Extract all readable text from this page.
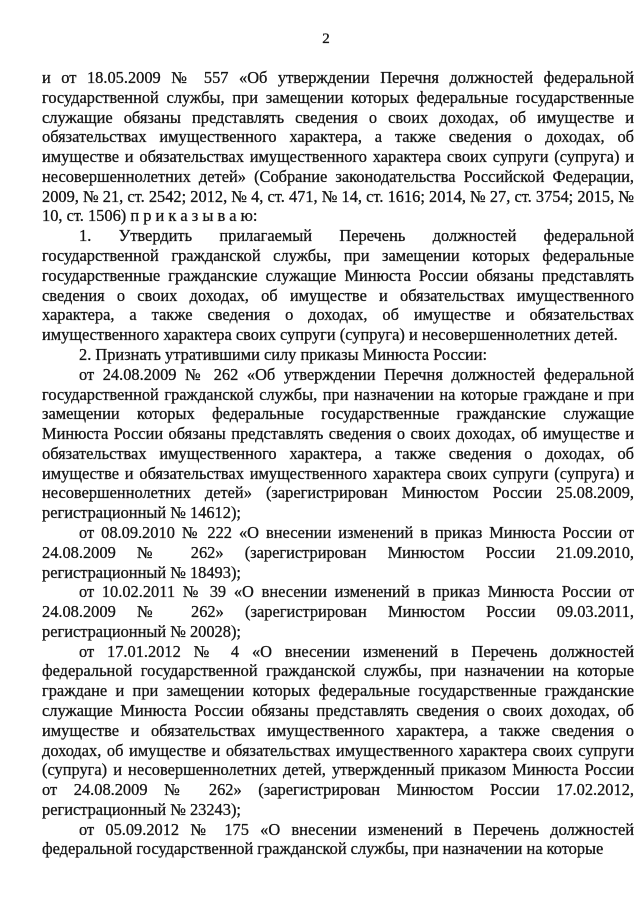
2

и от 18.05.2009 № 557 «Об утверждении Перечня должностей федеральной государственной службы, при замещении которых федеральные государственные служащие обязаны представлять сведения о своих доходах, об имуществе и обязательствах имущественного характера, а также сведения о доходах, об имуществе и обязательствах имущественного характера своих супруги (супруга) и несовершеннолетних детей» (Собрание законодательства Российской Федерации, 2009, № 21, ст. 2542; 2012, № 4, ст. 471, № 14, ст. 1616; 2014, № 27, ст. 3754; 2015, № 10, ст. 1506) п р и к а з ы в а ю:

1. Утвердить прилагаемый Перечень должностей федеральной государственной гражданской службы, при замещении которых федеральные государственные гражданские служащие Минюста России обязаны представлять сведения о своих доходах, об имуществе и обязательствах имущественного характера, а также сведения о доходах, об имуществе и обязательствах имущественного характера своих супруги (супруга) и несовершеннолетних детей.

2. Признать утратившими силу приказы Минюста России:

от 24.08.2009 № 262 «Об утверждении Перечня должностей федеральной государственной гражданской службы, при назначении на которые граждане и при замещении которых федеральные государственные гражданские служащие Минюста России обязаны представлять сведения о своих доходах, об имуществе и обязательствах имущественного характера, а также сведения о доходах, об имуществе и обязательствах имущественного характера своих супруги (супруга) и несовершеннолетних детей» (зарегистрирован Минюстом России 25.08.2009, регистрационный № 14612);

от 08.09.2010 № 222 «О внесении изменений в приказ Минюста России от 24.08.2009 № 262» (зарегистрирован Минюстом России 21.09.2010, регистрационный № 18493);

от 10.02.2011 № 39 «О внесении изменений в приказ Минюста России от 24.08.2009 № 262» (зарегистрирован Минюстом России 09.03.2011, регистрационный № 20028);

от 17.01.2012 № 4 «О внесении изменений в Перечень должностей федеральной государственной гражданской службы, при назначении на которые граждане и при замещении которых федеральные государственные гражданские служащие Минюста России обязаны представлять сведения о своих доходах, об имуществе и обязательствах имущественного характера, а также сведения о доходах, об имуществе и обязательствах имущественного характера своих супруги (супруга) и несовершеннолетних детей, утвержденный приказом Минюста России от 24.08.2009 № 262» (зарегистрирован Минюстом России 17.02.2012, регистрационный № 23243);

от 05.09.2012 № 175 «О внесении изменений в Перечень должностей федеральной государственной гражданской службы, при назначении на которые
